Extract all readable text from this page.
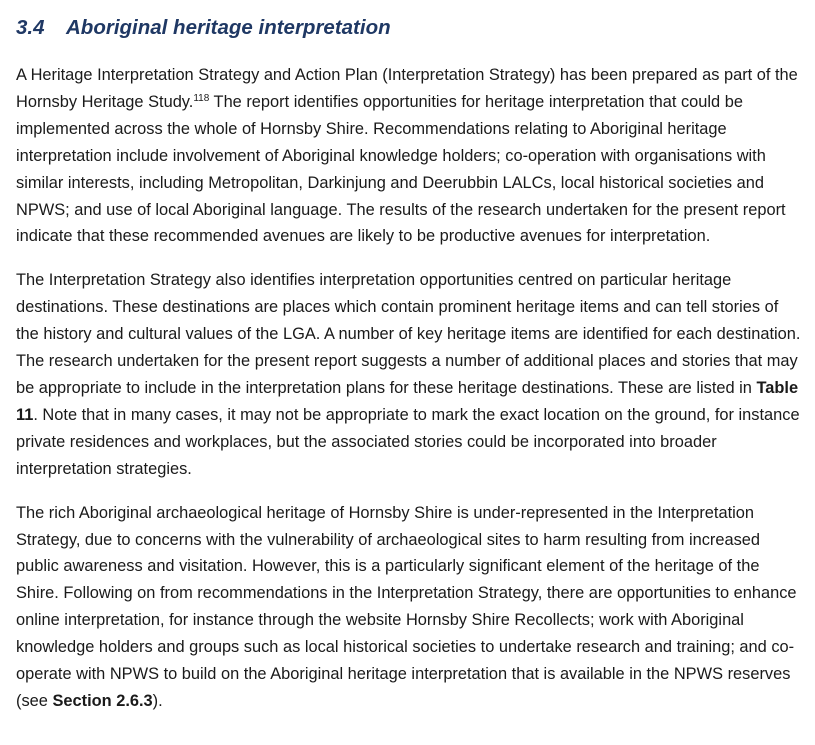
3.4	Aboriginal heritage interpretation

A Heritage Interpretation Strategy and Action Plan (Interpretation Strategy) has been prepared as part of the Hornsby Heritage Study.$^{118}$ The report identifies opportunities for heritage interpretation that could be implemented across the whole of Hornsby Shire. Recommendations relating to Aboriginal heritage interpretation include involvement of Aboriginal knowledge holders; co-operation with organisations with similar interests, including Metropolitan, Darkinjung and Deerubbin LALCs, local historical societies and NPWS; and use of local Aboriginal language. The results of the research undertaken for the present report indicate that these recommended avenues are likely to be productive avenues for interpretation.

The Interpretation Strategy also identifies interpretation opportunities centred on particular heritage destinations. These destinations are places which contain prominent heritage items and can tell stories of the history and cultural values of the LGA. A number of key heritage items are identified for each destination. The research undertaken for the present report suggests a number of additional places and stories that may be appropriate to include in the interpretation plans for these heritage destinations. These are listed in Table 11. Note that in many cases, it may not be appropriate to mark the exact location on the ground, for instance private residences and workplaces, but the associated stories could be incorporated into broader interpretation strategies.

The rich Aboriginal archaeological heritage of Hornsby Shire is under-represented in the Interpretation Strategy, due to concerns with the vulnerability of archaeological sites to harm resulting from increased public awareness and visitation. However, this is a particularly significant element of the heritage of the Shire. Following on from recommendations in the Interpretation Strategy, there are opportunities to enhance online interpretation, for instance through the website Hornsby Shire Recollects; work with Aboriginal knowledge holders and groups such as local historical societies to undertake research and training; and co-operate with NPWS to build on the Aboriginal heritage interpretation that is available in the NPWS reserves (see Section 2.6.3).
